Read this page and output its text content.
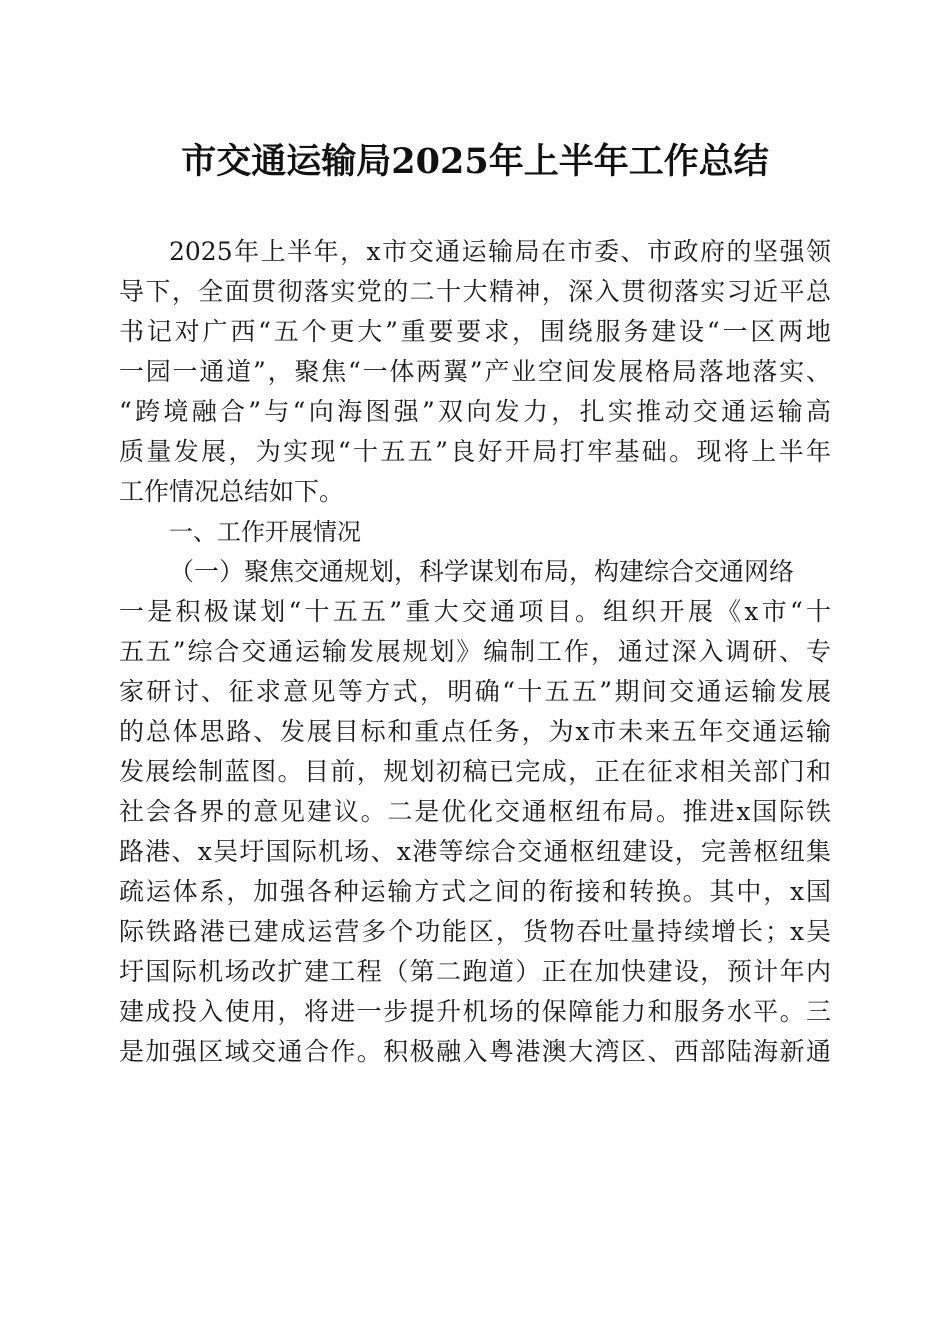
市交通运输局2025年上半年工作总结
2025年上半年，x市交通运输局在市委、市政府的坚强领
导下，全面贯彻落实党的二十大精神，深入贯彻落实习近平总
书记对广西“五个更大”重要要求，围绕服务建设“一区两地
一园一通道”，聚焦“一体两翼”产业空间发展格局落地落实、
“跨境融合”与“向海图强”双向发力，扎实推动交通运输高
质量发展，为实现“十五五”良好开局打牢基础。现将上半年
工作情况总结如下。
一、工作开展情况
（一）聚焦交通规划，科学谋划布局，构建综合交通网络
一是积极谋划“十五五”重大交通项目。组织开展《x市“十
五五”综合交通运输发展规划》编制工作，通过深入调研、专
家研讨、征求意见等方式，明确“十五五”期间交通运输发展
的总体思路、发展目标和重点任务，为x市未来五年交通运输
发展绘制蓝图。目前，规划初稿已完成，正在征求相关部门和
社会各界的意见建议。二是优化交通枢纽布局。推进x国际铁
路港、x吴圩国际机场、x港等综合交通枢纽建设，完善枢纽集
疏运体系，加强各种运输方式之间的衔接和转换。其中，x国
际铁路港已建成运营多个功能区，货物吞吐量持续增长；x吴
圩国际机场改扩建工程（第二跑道）正在加快建设，预计年内
建成投入使用，将进一步提升机场的保障能力和服务水平。三
是加强区域交通合作。积极融入粤港澳大湾区、西部陆海新通
